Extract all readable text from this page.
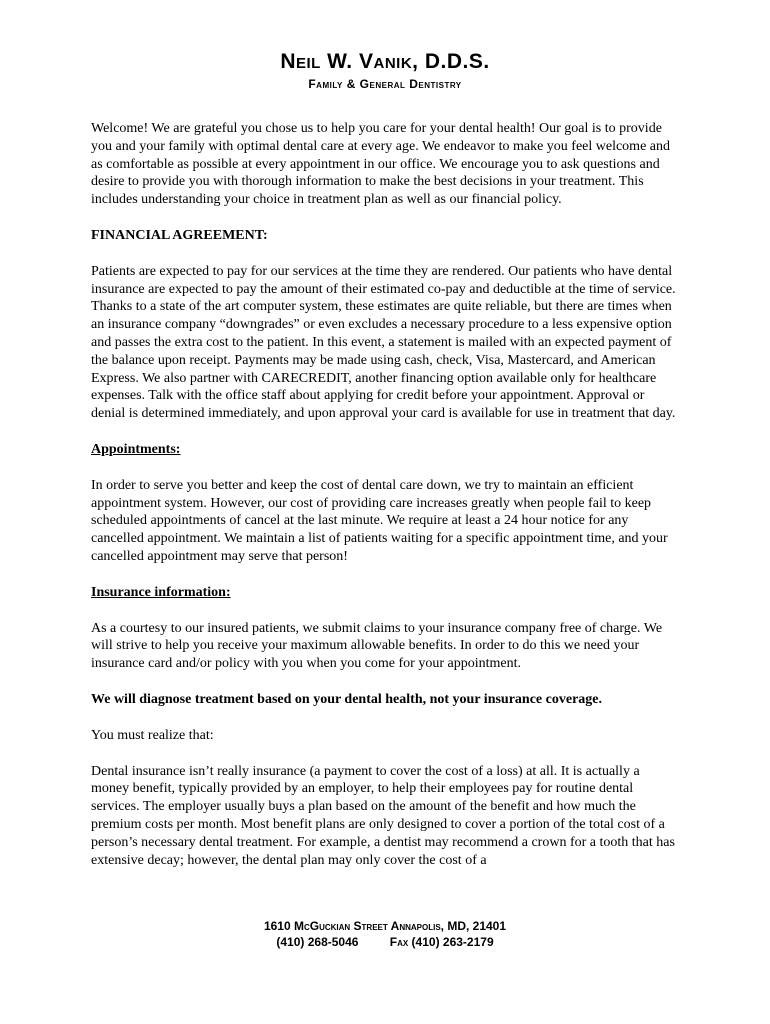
Neil W. Vanik, D.D.S.
Family & General Dentistry

Welcome! We are grateful you chose us to help you care for your dental health! Our goal is to provide you and your family with optimal dental care at every age. We endeavor to make you feel welcome and as comfortable as possible at every appointment in our office. We encourage you to ask questions and desire to provide you with thorough information to make the best decisions in your treatment. This includes understanding your choice in treatment plan as well as our financial policy.

FINANCIAL AGREEMENT:

Patients are expected to pay for our services at the time they are rendered. Our patients who have dental insurance are expected to pay the amount of their estimated co-pay and deductible at the time of service. Thanks to a state of the art computer system, these estimates are quite reliable, but there are times when an insurance company “downgrades” or even excludes a necessary procedure to a less expensive option and passes the extra cost to the patient. In this event, a statement is mailed with an expected payment of the balance upon receipt. Payments may be made using cash, check, Visa, Mastercard, and American Express. We also partner with CARECREDIT, another financing option available only for healthcare expenses. Talk with the office staff about applying for credit before your appointment. Approval or denial is determined immediately, and upon approval your card is available for use in treatment that day.

Appointments:

In order to serve you better and keep the cost of dental care down, we try to maintain an efficient appointment system. However, our cost of providing care increases greatly when people fail to keep scheduled appointments of cancel at the last minute. We require at least a 24 hour notice for any cancelled appointment. We maintain a list of patients waiting for a specific appointment time, and your cancelled appointment may serve that person!

Insurance information:

As a courtesy to our insured patients, we submit claims to your insurance company free of charge. We will strive to help you receive your maximum allowable benefits. In order to do this we need your insurance card and/or policy with you when you come for your appointment.

We will diagnose treatment based on your dental health, not your insurance coverage.

You must realize that:

Dental insurance isn’t really insurance (a payment to cover the cost of a loss) at all. It is actually a money benefit, typically provided by an employer, to help their employees pay for routine dental services. The employer usually buys a plan based on the amount of the benefit and how much the premium costs per month. Most benefit plans are only designed to cover a portion of the total cost of a person’s necessary dental treatment. For example, a dentist may recommend a crown for a tooth that has extensive decay; however, the dental plan may only cover the cost of a

1610 McGuckian Street Annapolis, MD, 21401
(410) 268-5046	Fax (410) 263-2179
